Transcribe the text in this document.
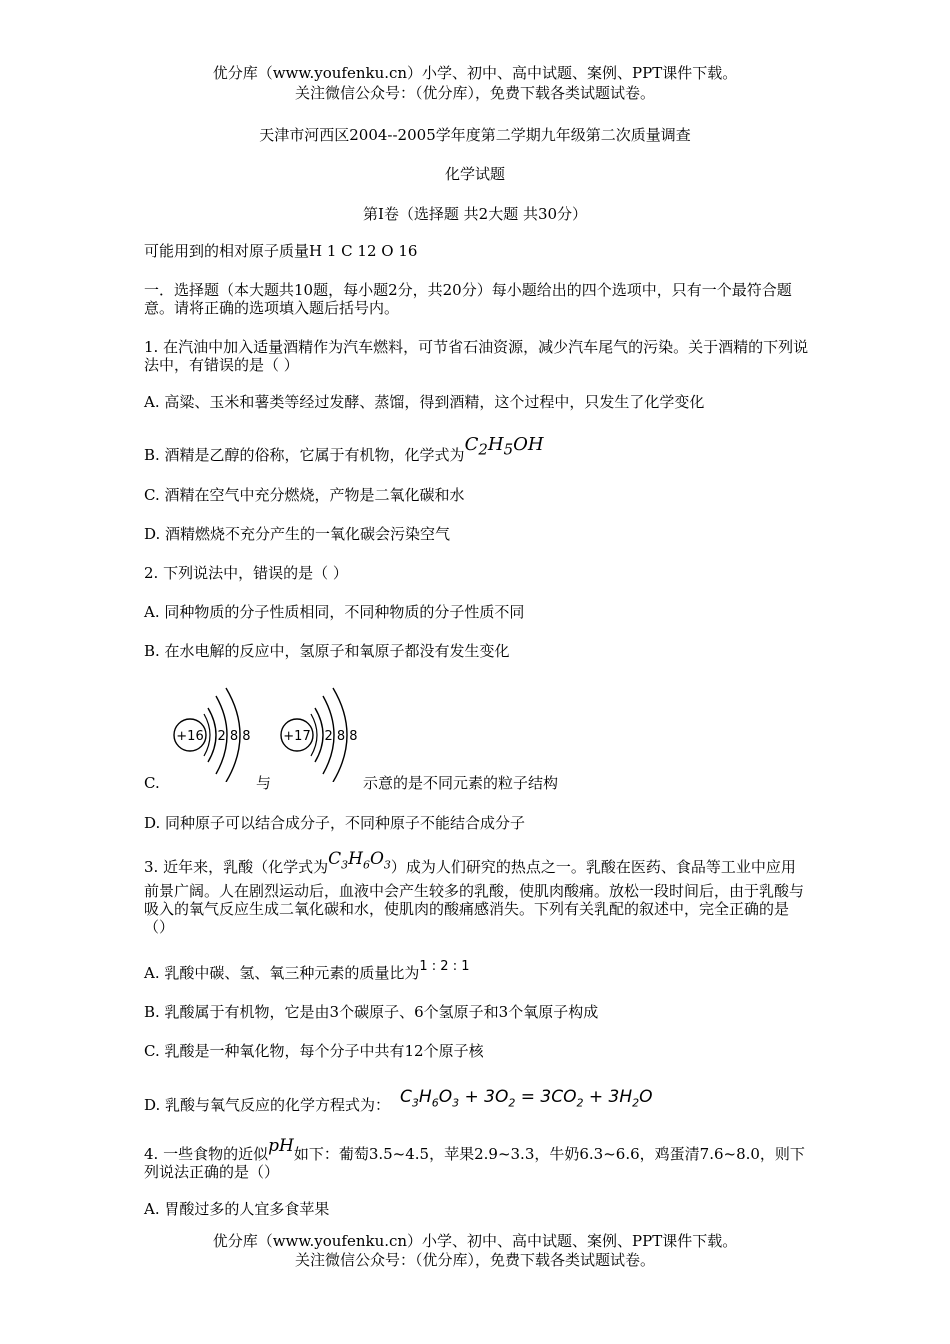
优分库（www.youfenku.cn）小学、初中、高中试题、案例、PPT课件下载。
关注微信公众号：（优分库），免费下载各类试题试卷。
天津市河西区2004--2005学年度第二学期九年级第二次质量调查
化学试题
第Ⅰ卷（选择题 共2大题 共30分）
可能用到的相对原子质量H 1 C 12 O 16
一．选择题（本大题共10题，每小题2分，共20分）每小题给出的四个选项中，只有一个最符合题意。请将正确的选项填入题后括号内。
1. 在汽油中加入适量酒精作为汽车燃料，可节省石油资源，减少汽车尾气的污染。关于酒精的下列说法中，有错误的是（ ）
A. 高粱、玉米和薯类等经过发酵、蒸馏，得到酒精，这个过程中，只发生了化学变化
B. 酒精是乙醇的俗称，它属于有机物，化学式为$C_2H_5OH$
C. 酒精在空气中充分燃烧，产物是二氧化碳和水
D. 酒精燃烧不充分产生的一氧化碳会污染空气
2. 下列说法中，错误的是（ ）
A. 同种物质的分子性质相同，不同种物质的分子性质不同
B. 在水电解的反应中，氢原子和氧原子都没有发生变化
+16 2 8 8	+17 2 8 8
C.	与	示意的是不同元素的粒子结构
D. 同种原子可以结合成分子，不同种原子不能结合成分子
3. 近年来，乳酸（化学式为$C_3H_6O_3$）成为人们研究的热点之一。乳酸在医药、食品等工业中应用前景广阔。人在剧烈运动后，血液中会产生较多的乳酸，使肌肉酸痛。放松一段时间后，由于乳酸与吸入的氧气反应生成二氧化碳和水，使肌肉的酸痛感消失。下列有关乳配的叙述中，完全正确的是（）
A. 乳酸中碳、氢、氧三种元素的质量比为1 : 2 : 1
B. 乳酸属于有机物，它是由3个碳原子、6个氢原子和3个氧原子构成
C. 乳酸是一种氧化物，每个分子中共有12个原子核
D. 乳酸与氧气反应的化学方程式为： $C_3H_6O_3 + 3O_2 = 3CO_2 + 3H_2O$
4. 一些食物的近似pH如下：葡萄3.5~4.5，苹果2.9~3.3，牛奶6.3~6.6，鸡蛋清7.6~8.0，则下列说法正确的是（）
A. 胃酸过多的人宜多食苹果
优分库（www.youfenku.cn）小学、初中、高中试题、案例、PPT课件下载。
关注微信公众号：（优分库），免费下载各类试题试卷。
